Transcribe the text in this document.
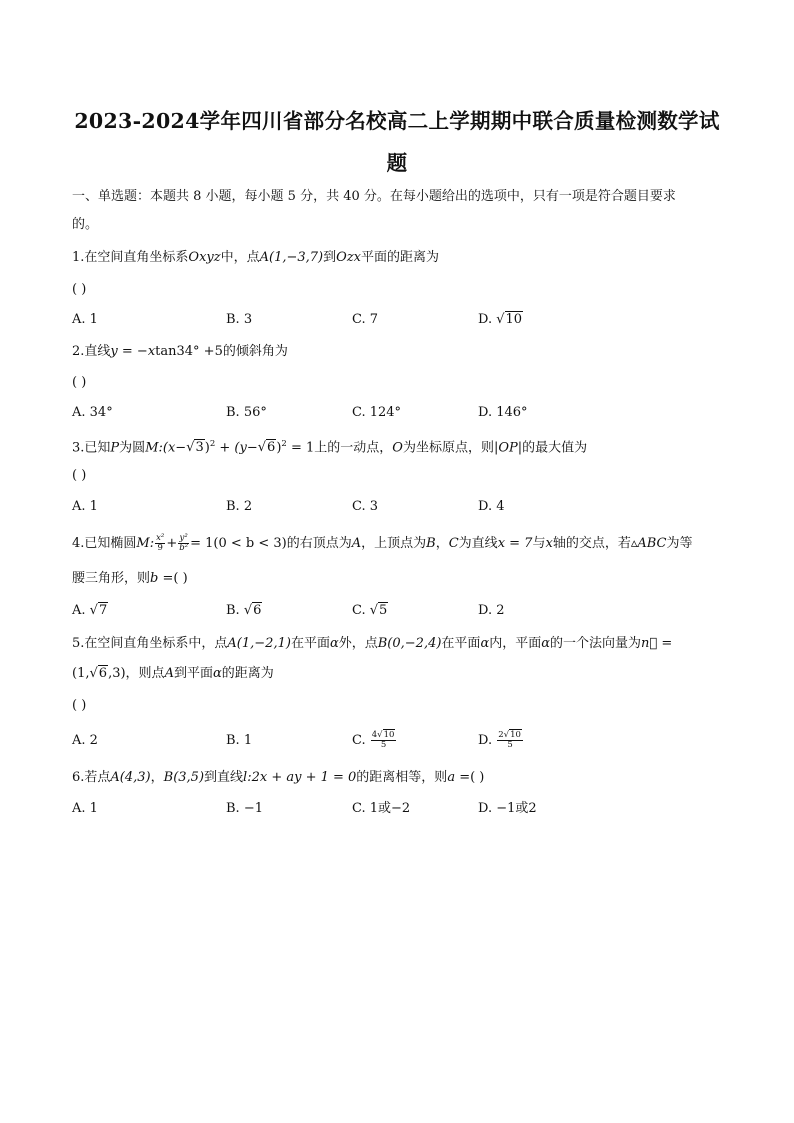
2023-2024学年四川省部分名校高二上学期期中联合质量检测数学试
题
一、单选题：本题共 8 小题，每小题 5 分，共 40 分。在每小题给出的选项中，只有一项是符合题目要求
的。
1.在空间直角坐标系Oxyz中，点A(1,−3,7)到Ozx平面的距离为
( )
A. 1	B. 3	C. 7	D. √10
2.直线y = −xtan34° +5的倾斜角为
( )
A. 34°	B. 56°	C. 124°	D. 146°
3.已知P为圆$M:(x-√3)^2 + (y-√6)^2 = 1$上的一动点，O为坐标原点，则|OP|的最大值为
( )
A. 1	B. 2	C. 3	D. 4
4.已知椭圆M: $\frac{\text{x²}}{9} + \frac{\text{y²}}{\text{b²}} = 1(0 < b < 3)$的右顶点为A，上顶点为B，C为直线x = 7与x轴的交点，若▵ABC为等
腰三角形，则b =( )
A. √7	B. √6	C. √5	D. 2
5.在空间直角坐标系中，点A(1,−2,1)在平面α外，点B(0,−2,4)在平面α内，平面α的一个法向量为n⃗ =
(1,√6,3)，则点A到平面α的距离为
( )
A. 2	B. 1	C. $\frac{4√10}{5}$	D. $\frac{2√10}{5}$
6.若点A(4,3)，B(3,5)到直线l:2x + ay + 1 = 0的距离相等，则a =( )
A. 1	B. −1	C. 1或−2	D. −1或2
